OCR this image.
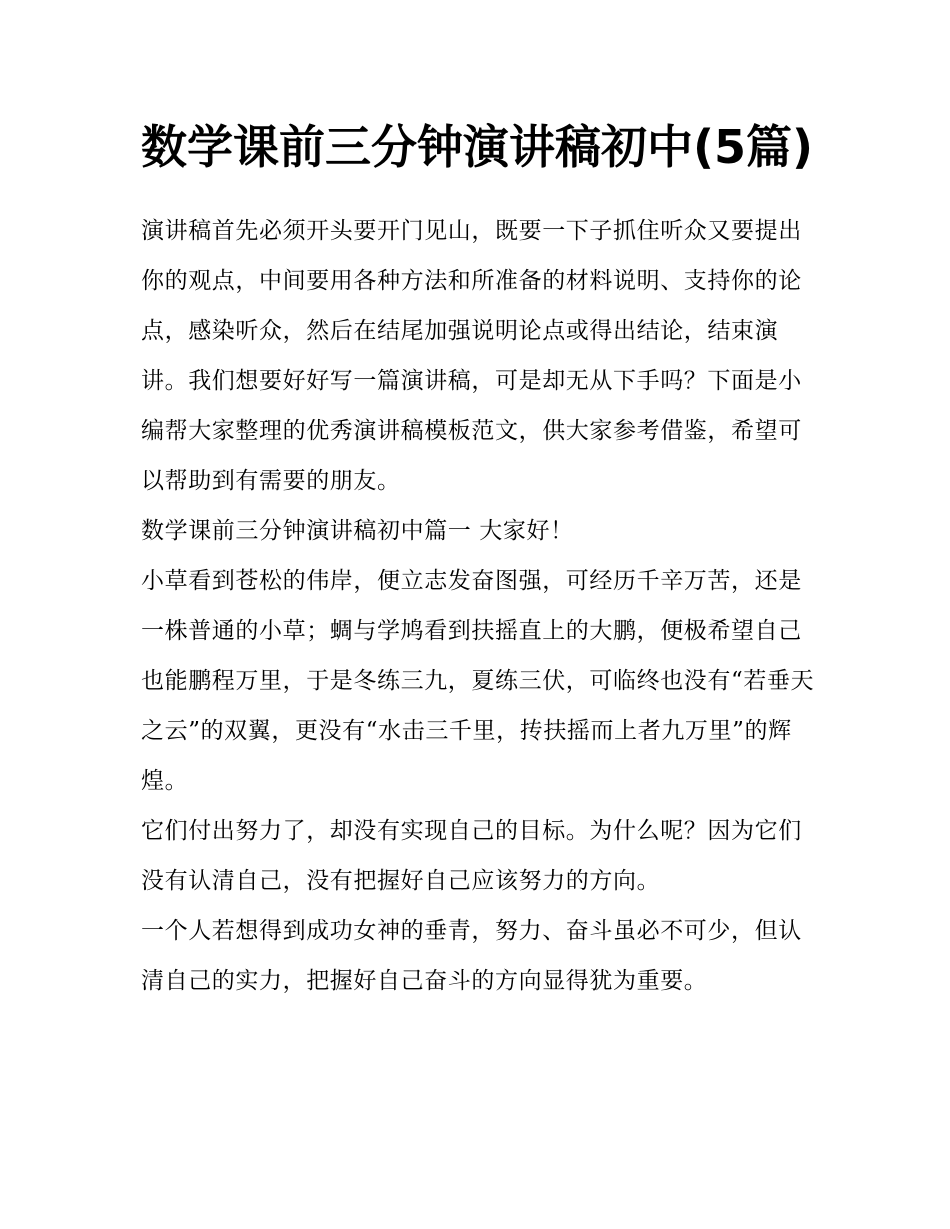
数学课前三分钟演讲稿初中(5篇)

演讲稿首先必须开头要开门见山，既要一下子抓住听众又要提出你的观点，中间要用各种方法和所准备的材料说明、支持你的论点，感染听众，然后在结尾加强说明论点或得出结论，结束演讲。我们想要好好写一篇演讲稿，可是却无从下手吗？下面是小编帮大家整理的优秀演讲稿模板范文，供大家参考借鉴，希望可以帮助到有需要的朋友。

数学课前三分钟演讲稿初中篇一 大家好！

小草看到苍松的伟岸，便立志发奋图强，可经历千辛万苦，还是一株普通的小草；蜩与学鸠看到扶摇直上的大鹏，便极希望自己也能鹏程万里，于是冬练三九，夏练三伏，可临终也没有“若垂天之云”的双翼，更没有“水击三千里，抟扶摇而上者九万里”的辉煌。

它们付出努力了，却没有实现自己的目标。为什么呢？因为它们没有认清自己，没有把握好自己应该努力的方向。

一个人若想得到成功女神的垂青，努力、奋斗虽必不可少，但认清自己的实力，把握好自己奋斗的方向显得犹为重要。
